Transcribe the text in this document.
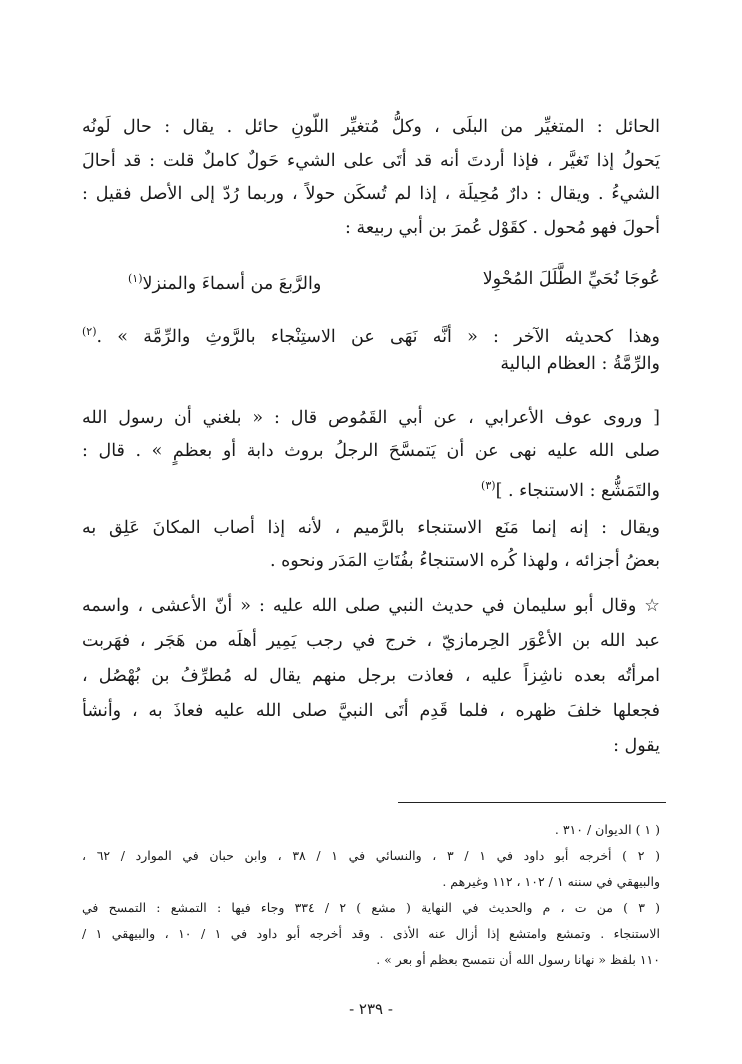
الحائل : المتغيِّر من البلَى ، وكلُّ مُتغيِّر اللّونِ حائل . يقال : حال لَونُه
يَحولُ إذا تَغيَّر ، فإذا أردتَ أنه قد أتَى على الشيء حَولٌ كاملٌ قلت : قد أحالَ
الشيءُ . ويقال : دارٌ مُحِيلَة ، إذا لم تُسكَن حولاً ، وربما رُدّ إلى الأصل فقيل :
أحولَ فهو مُحول . كقَوْل عُمرَ بن أبي ربيعة :
عُوجَا نُحَيِّ الطَّلَلَ المُحْوِلا
والرَّبعَ من أسماءَ والمنزلا$^{(١)}$
وهذا كحديثه الآخر : « أنَّه نَهَى عن الاستِنْجاء بالرَّوثِ والرِّمَّة » .$^{(٢)}$
والرِّمَّةُ : العظام البالية
[ وروى عوف الأعرابي ، عن أبي القَمُوص قال : « بلغني أن رسول الله
صلى الله عليه نهى عن أن يَتمسَّحَ الرجلُ بروث دابة أو بعظمٍ » . قال :
والتَمَشُّع : الاستنجاء . ]$^{(٣)}$
ويقال : إنه إنما مَنَع الاستنجاء بالرَّميم ، لأنه إذا أصاب المكانَ عَلِق به
بعضُ أجزائه ، ولهذا كُره الاستنجاءُ بفُتَاتِ المَدَر ونحوه .
☆ وقال أبو سليمان في حديث النبي صلى الله عليه : « أنّ الأعشى ، واسمه
عبد الله بن الأعْوَر الحِرمازيّ ، خرج في رجب يَمِير أهلَه من هَجَر ، فهَربت
امرأتُه بعده ناشِزاً عليه ، فعاذت برجل منهم يقال له مُطرِّفُ بن بُهْصُل ،
فجعلها خلفَ ظهره ، فلما قَدِم أتَى النبيَّ صلى الله عليه فعاذَ به ، وأنشأ
يقول :
( ١ ) الديوان / ٣١٠ .
( ٢ ) أخرجه أبو داود في ١ / ٣ ، والنسائي في ١ / ٣٨ ، وابن حبان في الموارد / ٦٢ ،
والبيهقي في سننه ١ / ١٠٢ ، ١١٢ وغيرهم .
( ٣ ) من ت ، م والحديث في النهاية ( مشع ) ٢ / ٣٣٤ وجاء فيها : التمشع : التمسح في
الاستنجاء . وتمشع وامتشع إذا أزال عنه الأذى . وقد أخرجه أبو داود في ١ / ١٠ ، والبيهقي ١ /
١١٠ بلفظ « نهانا رسول الله أن نتمسح بعظم أو بعر » .
- ٢٣٩ -
